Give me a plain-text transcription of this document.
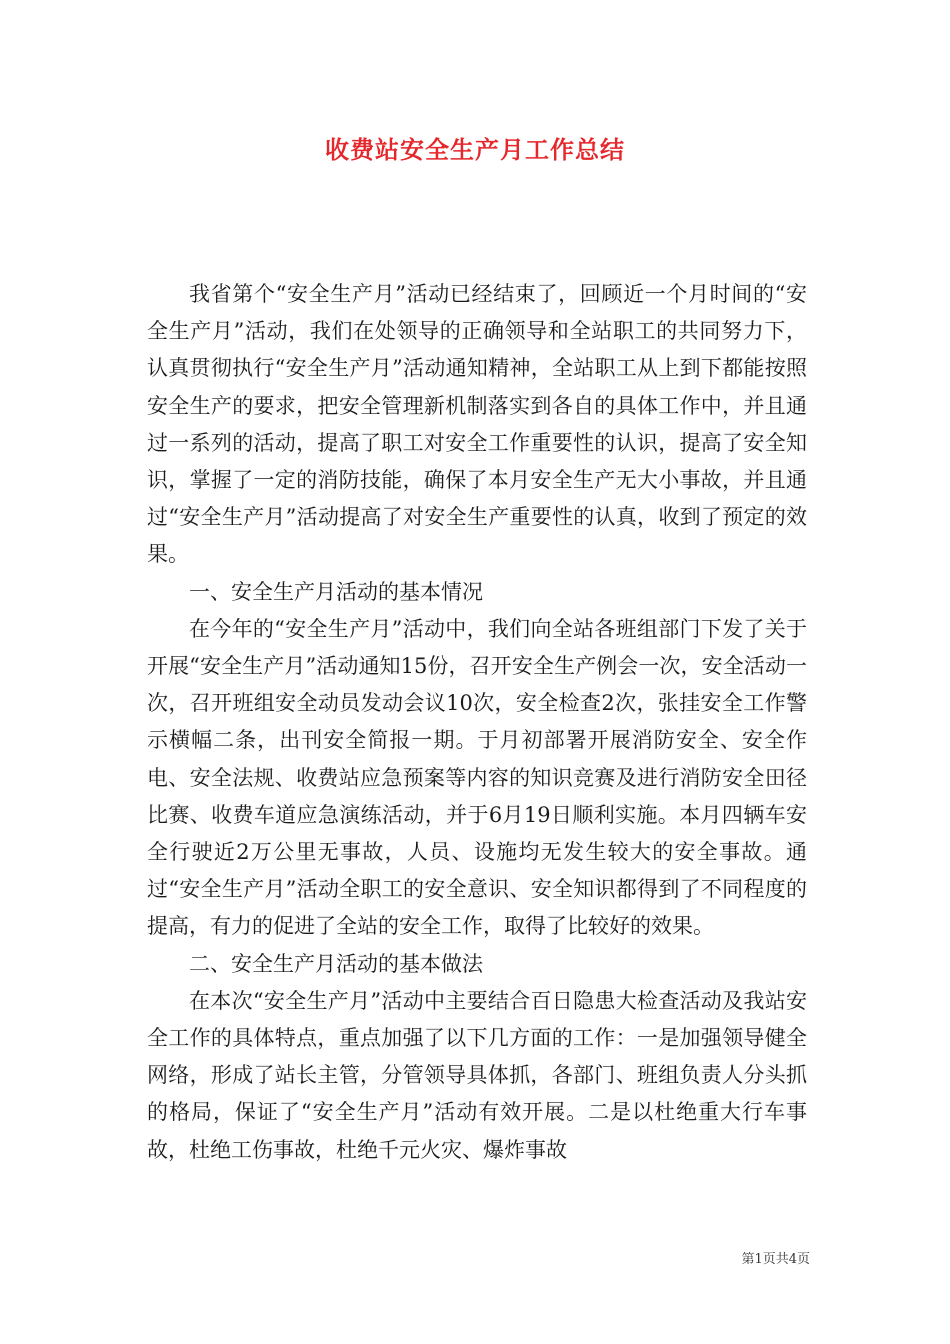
收费站安全生产月工作总结

我省第个“安全生产月”活动已经结束了，回顾近一个月时间的“安全生产月”活动，我们在处领导的正确领导和全站职工的共同努力下，认真贯彻执行“安全生产月”活动通知精神，全站职工从上到下都能按照安全生产的要求，把安全管理新机制落实到各自的具体工作中，并且通过一系列的活动，提高了职工对安全工作重要性的认识，提高了安全知识，掌握了一定的消防技能，确保了本月安全生产无大小事故，并且通过“安全生产月”活动提高了对安全生产重要性的认真，收到了预定的效果。

一、安全生产月活动的基本情况

在今年的“安全生产月”活动中，我们向全站各班组部门下发了关于开展“安全生产月”活动通知15份，召开安全生产例会一次，安全活动一次，召开班组安全动员发动会议10次，安全检查2次，张挂安全工作警示横幅二条，出刊安全简报一期。于月初部署开展消防安全、安全作电、安全法规、收费站应急预案等内容的知识竞赛及进行消防安全田径比赛、收费车道应急演练活动，并于6月19日顺利实施。本月四辆车安全行驶近2万公里无事故，人员、设施均无发生较大的安全事故。通过“安全生产月”活动全职工的安全意识、安全知识都得到了不同程度的提高，有力的促进了全站的安全工作，取得了比较好的效果。

二、安全生产月活动的基本做法

在本次“安全生产月”活动中主要结合百日隐患大检查活动及我站安全工作的具体特点，重点加强了以下几方面的工作：一是加强领导健全网络，形成了站长主管，分管领导具体抓，各部门、班组负责人分头抓的格局，保证了“安全生产月”活动有效开展。二是以杜绝重大行车事故，杜绝工伤事故，杜绝千元火灾、爆炸事故

第1页共4页
